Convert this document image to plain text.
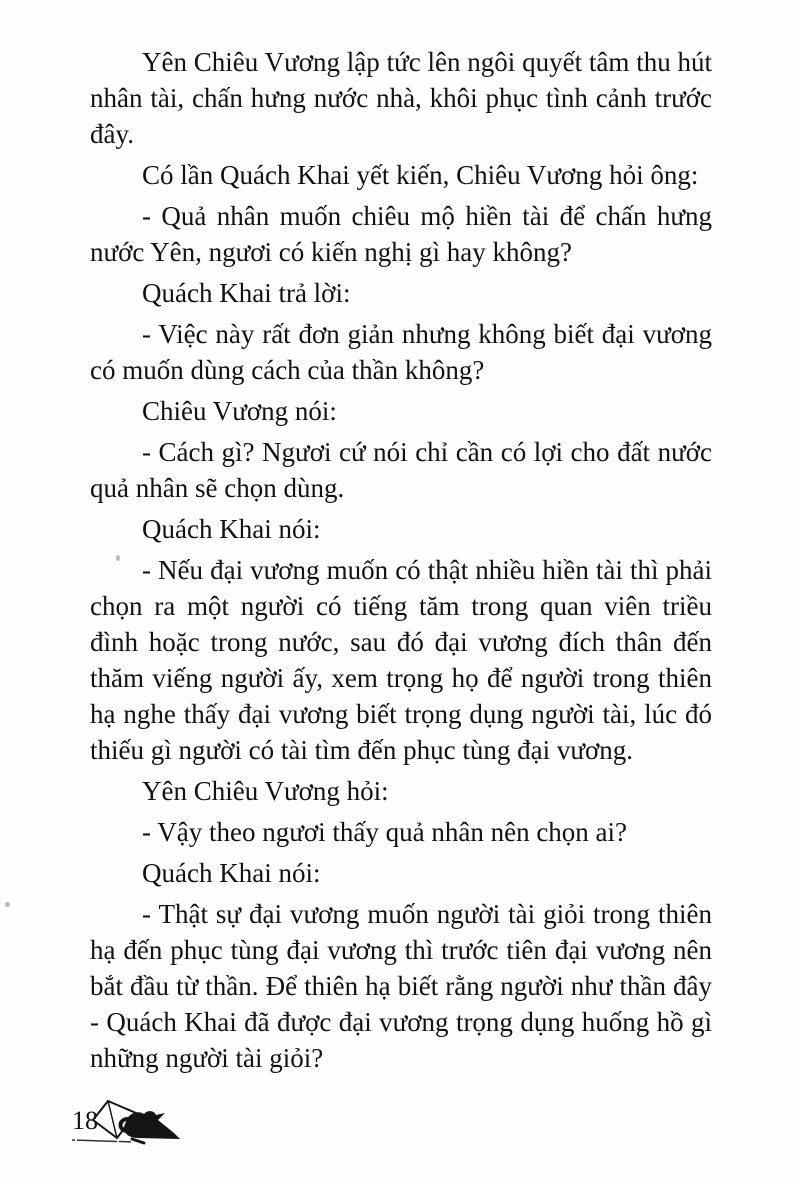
Yên Chiêu Vương lập tức lên ngôi quyết tâm thu hút nhân tài, chấn hưng nước nhà, khôi phục tình cảnh trước đây.

Có lần Quách Khai yết kiến, Chiêu Vương hỏi ông:

- Quả nhân muốn chiêu mộ hiền tài để chấn hưng nước Yên, ngươi có kiến nghị gì hay không?

Quách Khai trả lời:

- Việc này rất đơn giản nhưng không biết đại vương có muốn dùng cách của thần không?

Chiêu Vương nói:

- Cách gì? Ngươi cứ nói chỉ cần có lợi cho đất nước quả nhân sẽ chọn dùng.

Quách Khai nói:

- Nếu đại vương muốn có thật nhiều hiền tài thì phải chọn ra một người có tiếng tăm trong quan viên triều đình hoặc trong nước, sau đó đại vương đích thân đến thăm viếng người ấy, xem trọng họ để người trong thiên hạ nghe thấy đại vương biết trọng dụng người tài, lúc đó thiếu gì người có tài tìm đến phục tùng đại vương.

Yên Chiêu Vương hỏi:

- Vậy theo ngươi thấy quả nhân nên chọn ai?

Quách Khai nói:

- Thật sự đại vương muốn người tài giỏi trong thiên hạ đến phục tùng đại vương thì trước tiên đại vương nên bắt đầu từ thần. Để thiên hạ biết rằng người như thần đây - Quách Khai đã được đại vương trọng dụng huống hồ gì những người tài giỏi?

18
